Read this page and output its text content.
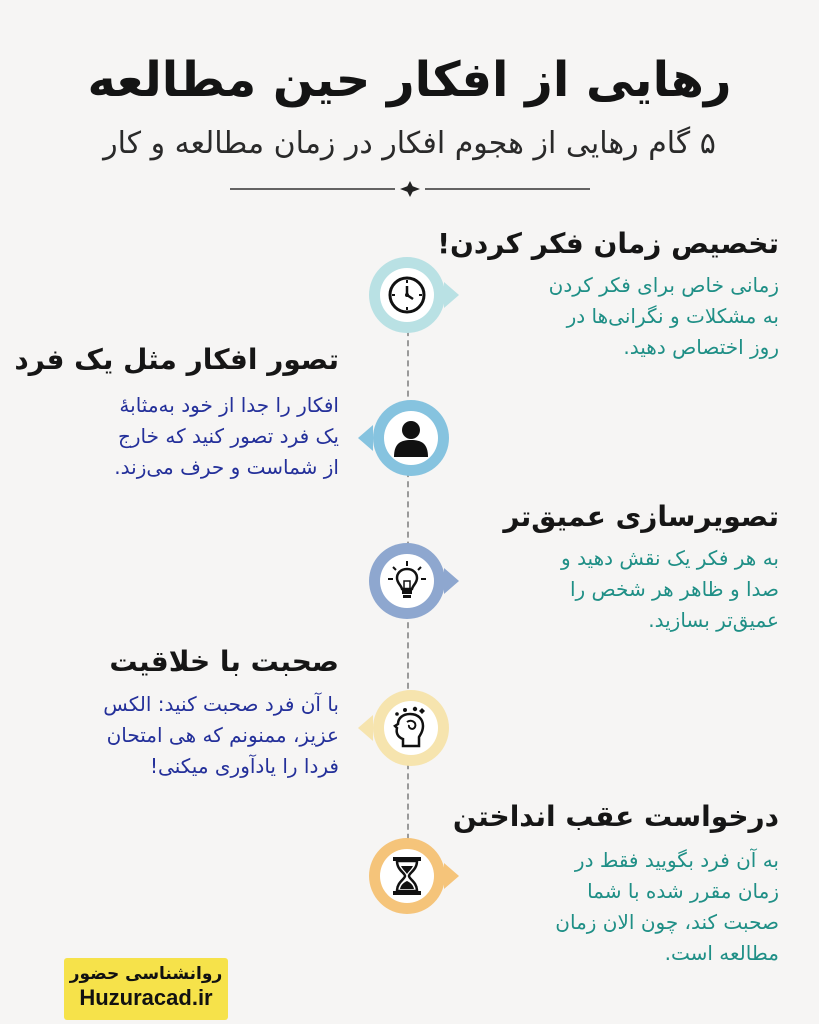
رهایی از افکار حین مطالعه

۵ گام رهایی از هجوم افکار در زمان مطالعه و کار

تخصیص زمان فکر کردن!
زمانی خاص برای فکر کردن
به مشکلات و نگرانی‌ها در
روز اختصاص دهید.
تصور افکار مثل یک فرد
افکار را جدا از خود به‌مثابهٔ
یک فرد تصور کنید که خارج
از شماست و حرف می‌زند.
تصویرسازی عمیق‌تر
به هر فکر یک نقش دهید و
صدا و ظاهر هر شخص را
عمیق‌تر بسازید.
صحبت با خلاقیت
با آن فرد صحبت کنید: الکس
عزیز، ممنونم که هی امتحان
فردا را یادآوری میکنی!
درخواست عقب انداختن
به آن فرد بگویید فقط در
زمان مقرر شده با شما
صحبت کند، چون الان زمان
مطالعه است.
روانشناسی حضور
Huzuracad.ir
